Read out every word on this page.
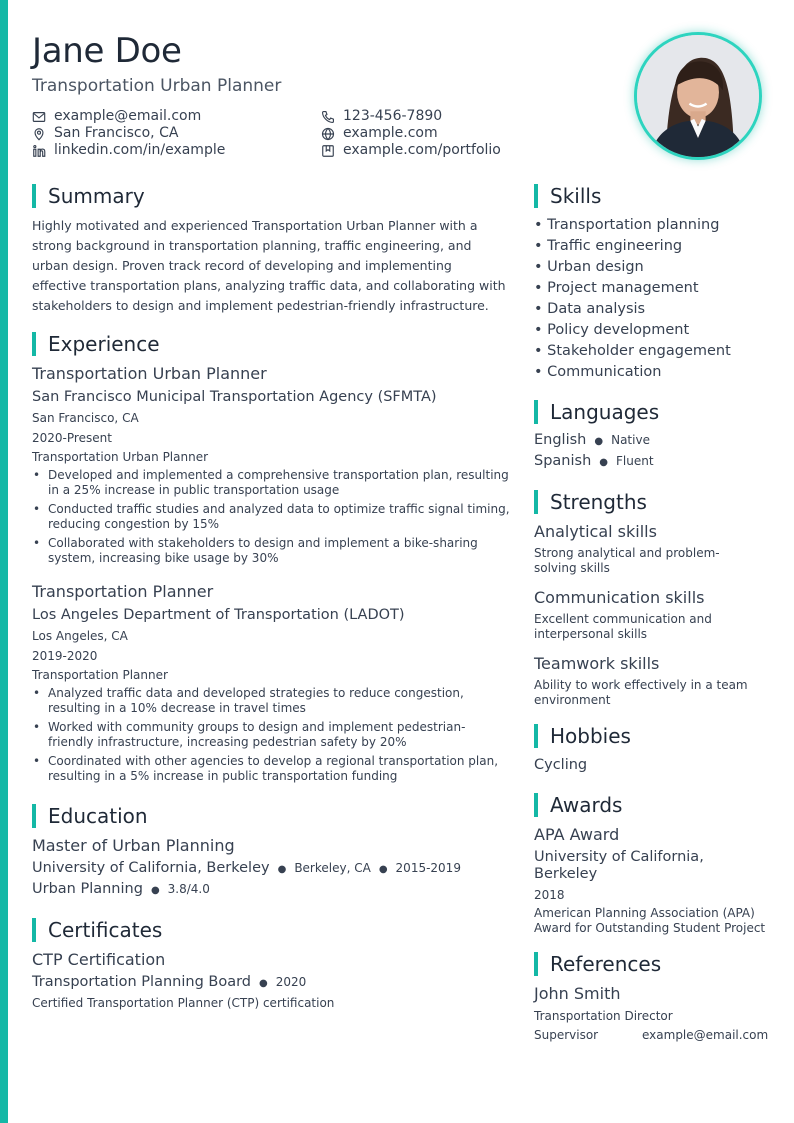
Jane Doe
Transportation Urban Planner
example@email.com
San Francisco, CA
linkedin.com/in/example
123-456-7890
example.com
example.com/portfolio
Summary
Highly motivated and experienced Transportation Urban Planner with a strong background in transportation planning, traffic engineering, and urban design. Proven track record of developing and implementing effective transportation plans, analyzing traffic data, and collaborating with stakeholders to design and implement pedestrian-friendly infrastructure.
Experience
Transportation Urban Planner
San Francisco Municipal Transportation Agency (SFMTA)
San Francisco, CA
2020-Present
Transportation Urban Planner
• Developed and implemented a comprehensive transportation plan, resulting in a 25% increase in public transportation usage
• Conducted traffic studies and analyzed data to optimize traffic signal timing, reducing congestion by 15%
• Collaborated with stakeholders to design and implement a bike-sharing system, increasing bike usage by 30%
Transportation Planner
Los Angeles Department of Transportation (LADOT)
Los Angeles, CA
2019-2020
Transportation Planner
• Analyzed traffic data and developed strategies to reduce congestion, resulting in a 10% decrease in travel times
• Worked with community groups to design and implement pedestrian-friendly infrastructure, increasing pedestrian safety by 20%
• Coordinated with other agencies to develop a regional transportation plan, resulting in a 5% increase in public transportation funding
Education
Master of Urban Planning
University of California, Berkeley ● Berkeley, CA ● 2015-2019
Urban Planning ● 3.8/4.0
Certificates
CTP Certification
Transportation Planning Board ● 2020
Certified Transportation Planner (CTP) certification
Skills
• Transportation planning
• Traffic engineering
• Urban design
• Project management
• Data analysis
• Policy development
• Stakeholder engagement
• Communication
Languages
English ● Native
Spanish ● Fluent
Strengths
Analytical skills
Strong analytical and problem-solving skills
Communication skills
Excellent communication and interpersonal skills
Teamwork skills
Ability to work effectively in a team environment
Hobbies
Cycling
Awards
APA Award
University of California, Berkeley
2018
American Planning Association (APA) Award for Outstanding Student Project
References
John Smith
Transportation Director
Supervisor	example@email.com
